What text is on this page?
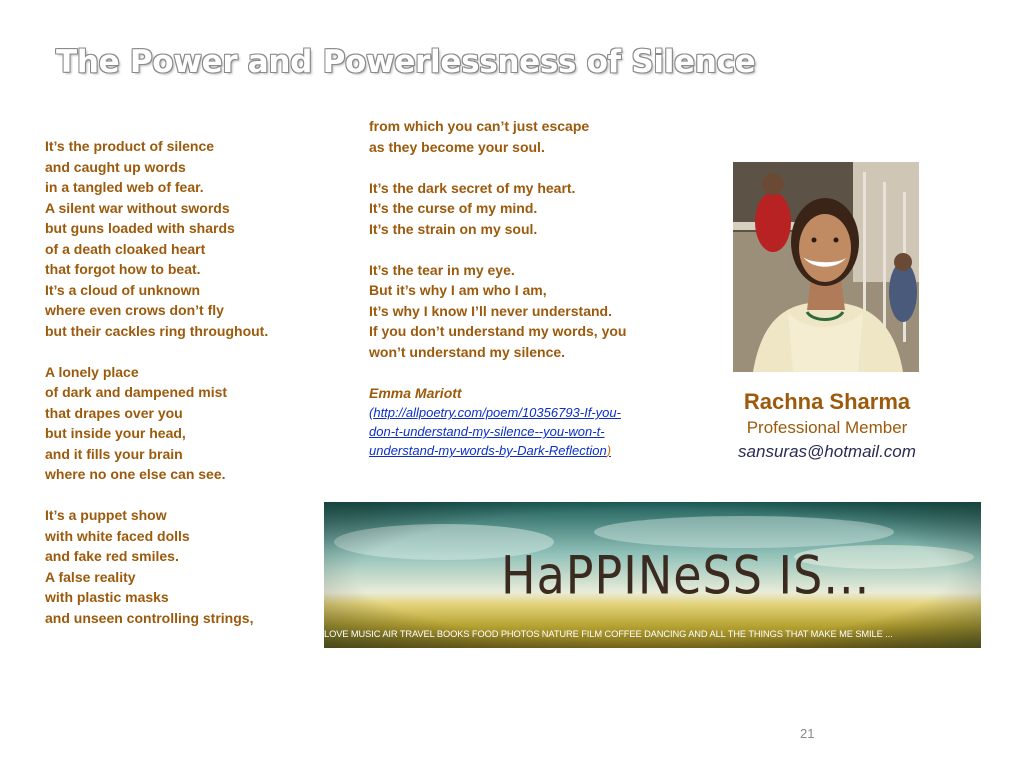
The Power and Powerlessness of Silence
It’s the product of silence
and caught up words
in a tangled web of fear.
A silent war without swords
but guns loaded with shards
of a death cloaked heart
that forgot how to beat.
It’s a cloud of unknown
where even crows don’t fly
but their cackles ring throughout.
A lonely place
of dark and dampened mist
that drapes over you
but inside your head,
and it fills your brain
where no one else can see.
It’s a puppet show
with white faced dolls
and fake red smiles.
A false reality
with plastic masks
and unseen controlling strings,
from which you can’t just escape
as they become your soul.
It’s the dark secret of my heart.
It’s the curse of my mind.
It’s the strain on my soul.
It’s the tear in my eye.
But it’s why I am who I am,
It’s why I know I’ll never understand.
If you don’t understand my words, you
won’t understand my silence.
Emma Mariott
(http://allpoetry.com/poem/10356793-If-you-
don-t-understand-my-silence--you-won-t-
understand-my-words-by-Dark-Reflection)
Rachna Sharma
Professional Member
sansuras@hotmail.com
HaPPINeSS IS...
LOVE MUSIC AIR TRAVEL BOOKS FOOD PHOTOS NATURE FILM COFFEE DANCING AND ALL THE THINGS THAT MAKE ME SMILE ...
21
